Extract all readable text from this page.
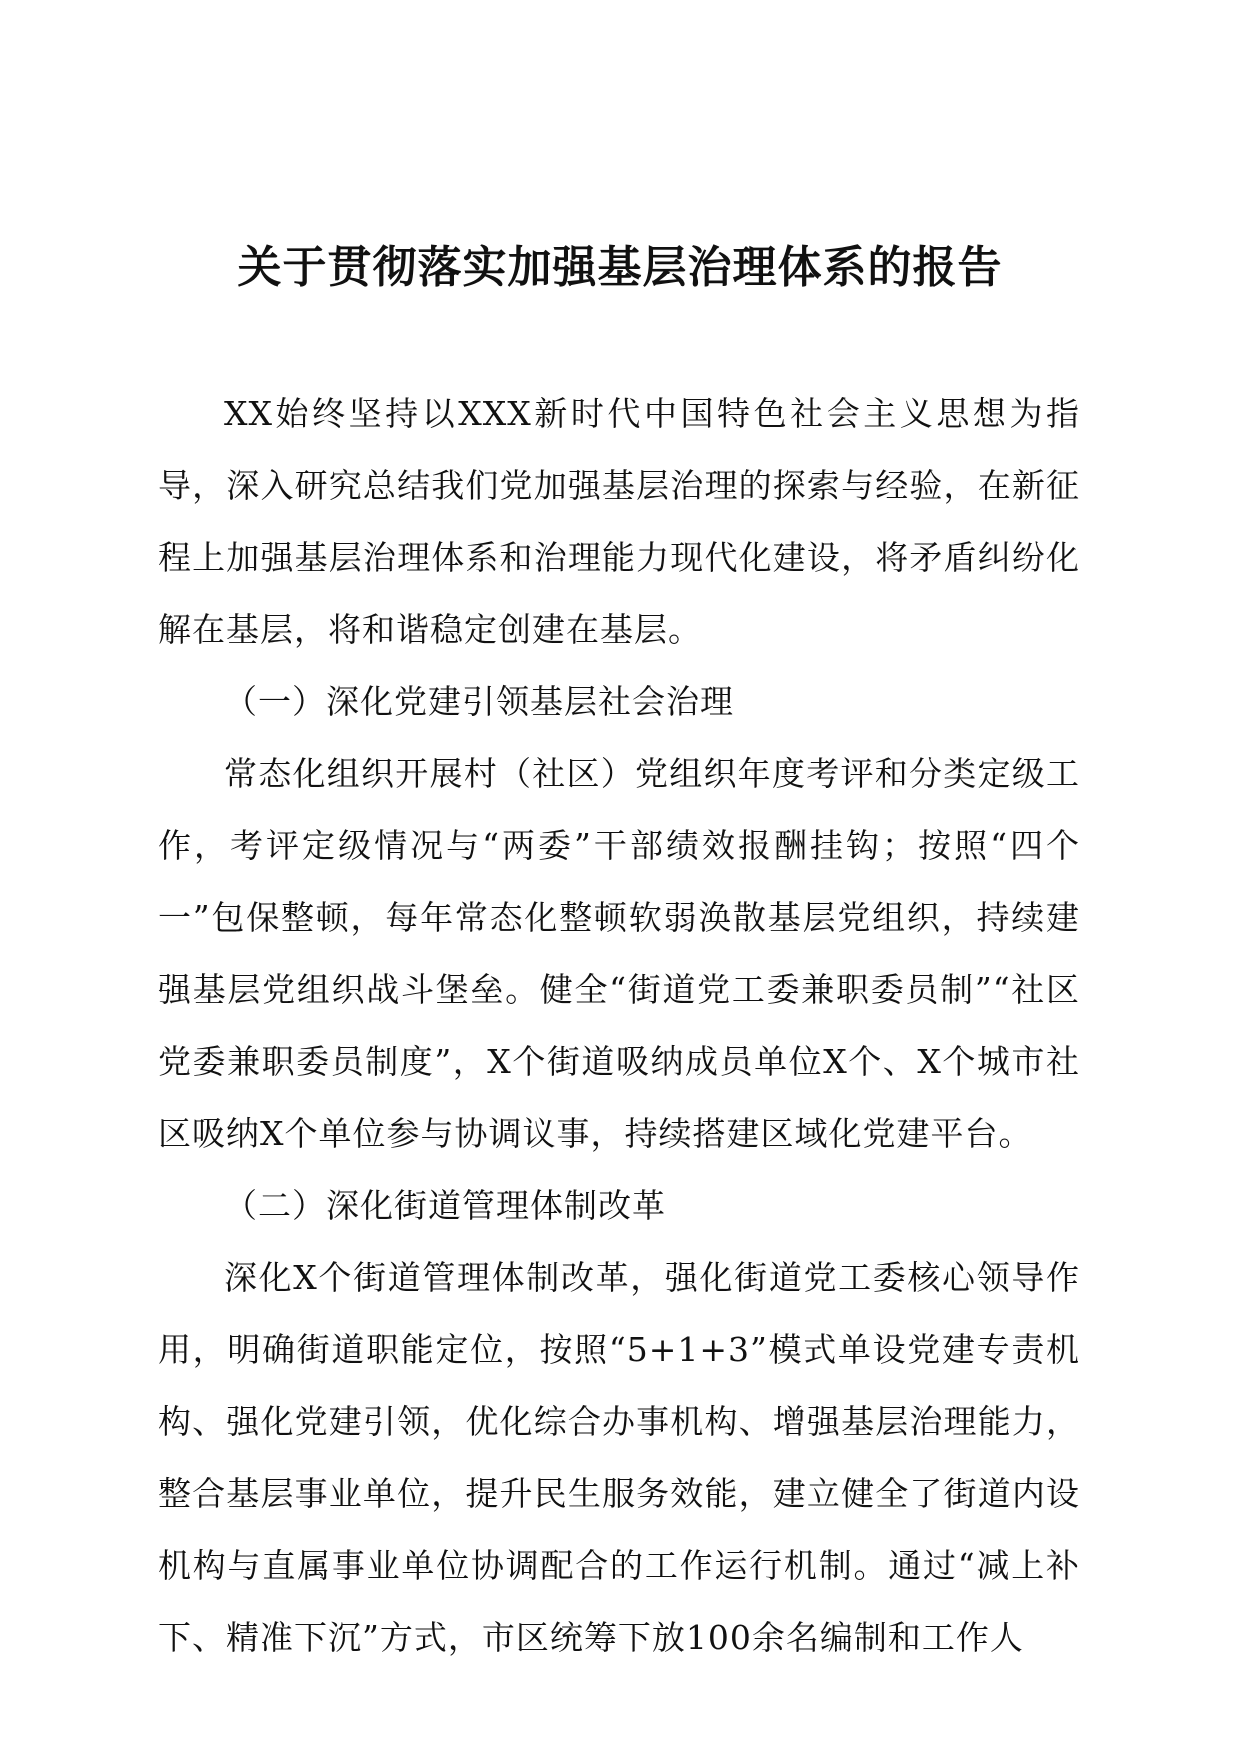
关于贯彻落实加强基层治理体系的报告

XX始终坚持以XXX新时代中国特色社会主义思想为指导，深入研究总结我们党加强基层治理的探索与经验，在新征程上加强基层治理体系和治理能力现代化建设，将矛盾纠纷化解在基层，将和谐稳定创建在基层。

（一）深化党建引领基层社会治理

常态化组织开展村（社区）党组织年度考评和分类定级工作，考评定级情况与“两委”干部绩效报酬挂钩；按照“四个一”包保整顿，每年常态化整顿软弱涣散基层党组织，持续建强基层党组织战斗堡垒。健全“街道党工委兼职委员制”“社区党委兼职委员制度”，X个街道吸纳成员单位X个、X个城市社区吸纳X个单位参与协调议事，持续搭建区域化党建平台。

（二）深化街道管理体制改革

深化X个街道管理体制改革，强化街道党工委核心领导作用，明确街道职能定位，按照“5+1+3”模式单设党建专责机构、强化党建引领，优化综合办事机构、增强基层治理能力，整合基层事业单位，提升民生服务效能，建立健全了街道内设机构与直属事业单位协调配合的工作运行机制。通过“减上补下、精准下沉”方式，市区统筹下放100余名编制和工作人
